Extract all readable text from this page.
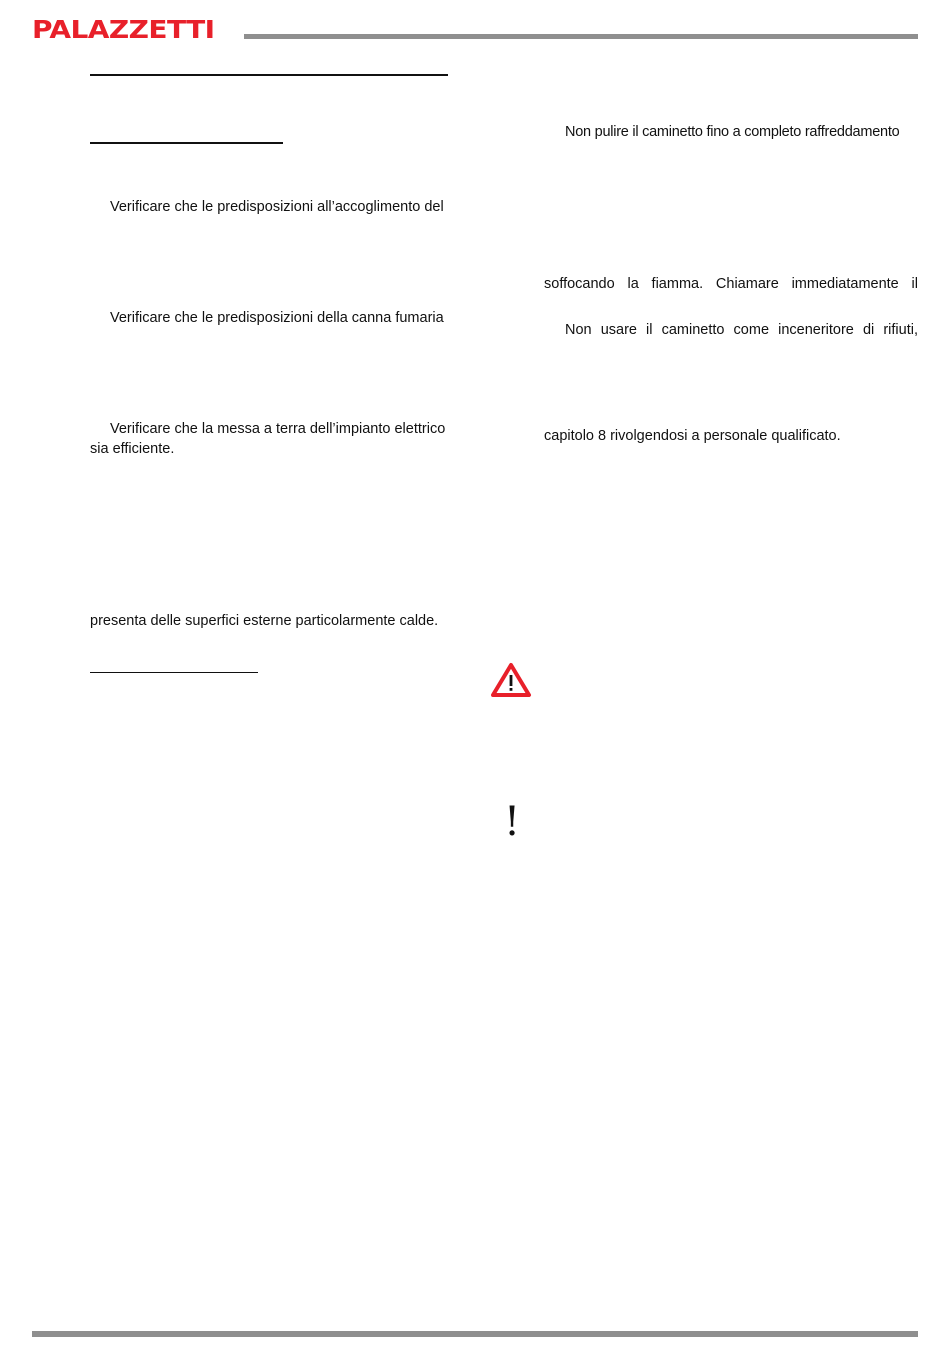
PALAZZETTI
Verificare che le predisposizioni all’accoglimento del
Verificare che le predisposizioni della canna fumaria
Verificare che la messa a terra dell’impianto elettrico
sia efficiente.
presenta delle superfici esterne particolarmente calde.
Non pulire il caminetto fino a completo raffreddamento
soffocando la fiamma. Chiamare immediatamente il
Non usare il caminetto come inceneritore di rifiuti,
capitolo 8 rivolgendosi a personale qualificato.
!
